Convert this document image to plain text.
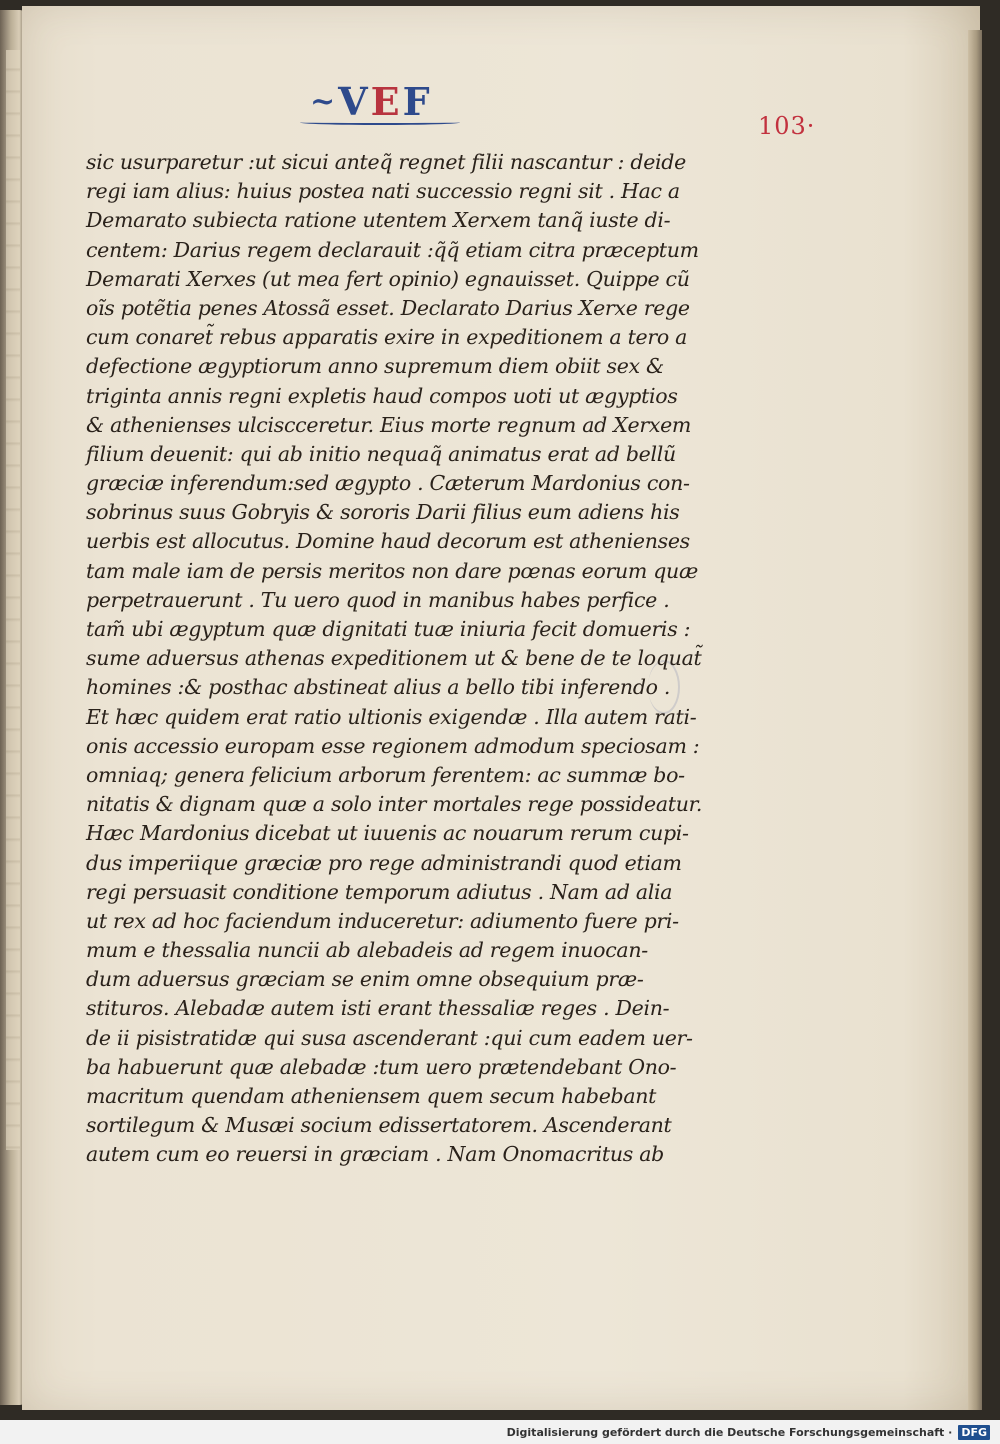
~ V E F
103·
sic usurparetur :ut sicui anteq̃ regnet filii nascantur : deide
regi iam alius: huius postea nati successio regni sit . Hac a
Demarato subiecta ratione utentem Xerxem tanq̃ iuste di-
centem: Darius regem declarauit :q̃q̃ etiam citra præceptum
Demarati Xerxes (ut mea fert opinio) egnauisset. Quippe cũ
oĩs potẽtia penes Atossã esset. Declarato Darius Xerxe rege
cum conaret̃ rebus apparatis exire in expeditionem a tero a
defectione ægyptiorum anno supremum diem obiit sex &
triginta annis regni expletis haud compos uoti ut ægyptios
& athenienses ulciscceretur. Eius morte regnum ad Xerxem
filium deuenit: qui ab initio nequaq̃ animatus erat ad bellũ
græciæ inferendum:sed ægypto . Cæterum Mardonius con-
sobrinus suus Gobryis & sororis Darii filius eum adiens his
uerbis est allocutus. Domine haud decorum est athenienses
tam male iam de persis meritos non dare pœnas eorum quæ
perpetrauerunt . Tu uero quod in manibus habes perfice .
tam̃ ubi ægyptum quæ dignitati tuæ iniuria fecit domueris :
sume aduersus athenas expeditionem ut & bene de te loquat̃
homines :& posthac abstineat alius a bello tibi inferendo .
Et hæc quidem erat ratio ultionis exigendæ . Illa autem rati-
onis accessio europam esse regionem admodum speciosam :
omniaq; genera felicium arborum ferentem: ac summæ bo-
nitatis & dignam quæ a solo inter mortales rege possideatur.
Hæc Mardonius dicebat ut iuuenis ac nouarum rerum cupi-
dus imperiique græciæ pro rege administrandi quod etiam
regi persuasit conditione temporum adiutus . Nam ad alia
ut rex ad hoc faciendum induceretur: adiumento fuere pri-
mum e thessalia nuncii ab alebadeis ad regem inuocan-
dum aduersus græciam se enim omne obsequium præ-
stituros. Alebadæ autem isti erant thessaliæ reges . Dein-
de ii pisistratidæ qui susa ascenderant :qui cum eadem uer-
ba habuerunt quæ alebadæ :tum uero prætendebant Ono-
macritum quendam atheniensem quem secum habebant
sortilegum & Musæi socium edissertatorem. Ascenderant
autem cum eo reuersi in græciam . Nam Onomacritus ab
Digitalisierung gefördert durch die Deutsche Forschungsgemeinschaft · DFG
